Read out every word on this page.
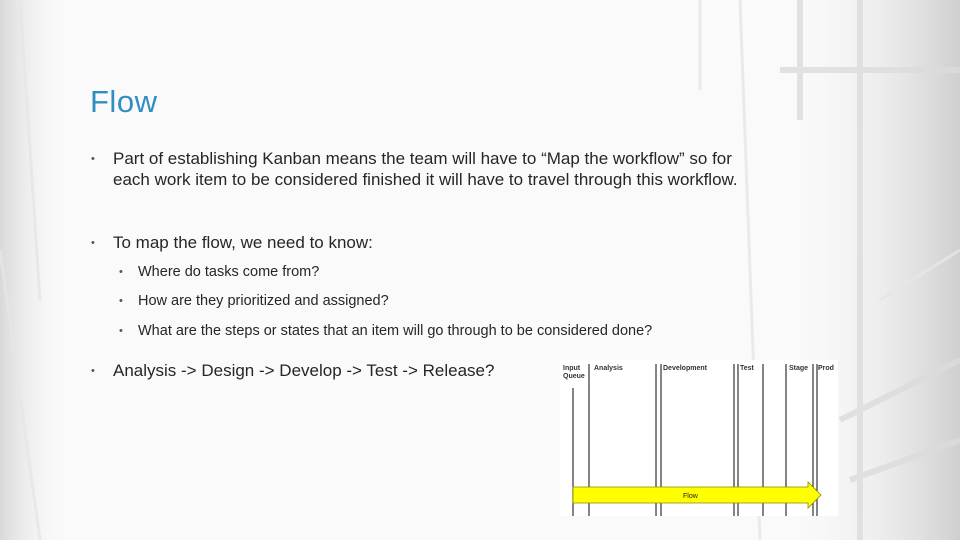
Flow
• Part of establishing Kanban means the team will have to “Map the workflow” so for each work item to be considered finished it will have to travel through this workflow.
• To map the flow, we need to know:
• Where do tasks come from?
• How are they prioritized and assigned?
• What are the steps or states that an item will go through to be considered done?
• Analysis -> Design -> Develop -> Test -> Release?	Input Queue
Analysis	Development	Test	Stage Prod
Flow
